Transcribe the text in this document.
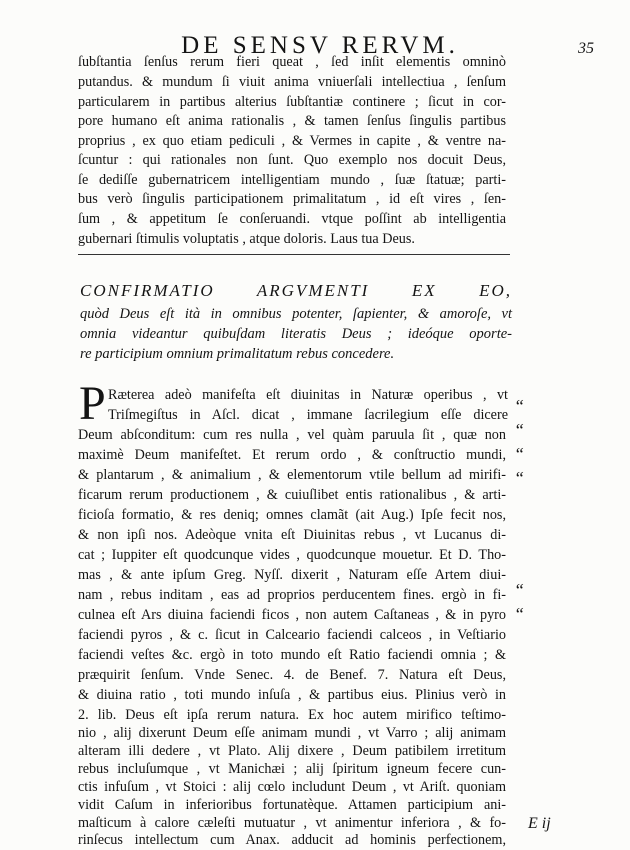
DE SENSV RERVM.	35
ſubſtantia ſenſus rerum fieri queat , ſed inſit elementis omninò
putandus. & mundum ſi viuit anima vniuerſali intellectiua , ſenſum
particularem in partibus alterius ſubſtantiæ continere ; ſicut in cor-
pore humano eſt anima rationalis , & tamen ſenſus ſingulis partibus
proprius , ex quo etiam pediculi , & Vermes in capite , & ventre na-
ſcuntur : qui rationales non ſunt. Quo exemplo nos docuit Deus,
ſe dediſſe gubernatricem intelligentiam mundo , ſuæ ſtatuæ; parti-
bus verò ſingulis participationem primalitatum , id eſt vires , ſen-
ſum , & appetitum ſe conſeruandi. vtque poſſint ab intelligentia
gubernari ſtimulis voluptatis , atque doloris. Laus tua Deus.
CONFIRMATIO ARGVMENTI EX EO,
quòd Deus eſt ità in omnibus potenter, ſapienter, & amoroſe, vt
omnia videantur quibuſdam literatis Deus ; ideóque oporte-
re participium omnium primalitatum rebus concedere.
P Ræterea adeò manifeſta eſt diuinitas in Naturæ operibus , vt
Triſmegiſtus in Aſcl. dicat , immane ſacrilegium eſſe dicere
Deum abſconditum: cum res nulla , vel quàm paruula ſit , quæ non
maximè Deum manifeſtet. Et rerum ordo , & conſtructio mundi,
& plantarum , & animalium , & elementorum vtile bellum ad mirifi-
ficarum rerum productionem , & cuiuſlibet entis rationalibus , & arti-
ficioſa formatio, & res deniq; omnes clamãt (ait Aug.) Ipſe fecit nos,
& non ipſi nos. Adeòque vnita eſt Diuinitas rebus , vt Lucanus di-
cat ; Iuppiter eſt quodcunque vides , quodcunque mouetur. Et D. Tho-
mas , & ante ipſum Greg. Nyſſ. dixerit , Naturam eſſe Artem diui-
nam , rebus inditam , eas ad proprios perducentem fines. ergò in fi-
culnea eſt Ars diuina faciendi ficos , non autem Caſtaneas , & in pyro
faciendi pyros , & c. ſicut in Calceario faciendi calceos , in Veſtiario
faciendi veſtes &c. ergò in toto mundo eſt Ratio faciendi omnia ; &
præquirit ſenſum. Vnde Senec. 4. de Benef. 7. Natura eſt Deus,
& diuina ratio , toti mundo inſuſa , & partibus eius. Plinius verò in
2. lib. Deus eſt ipſa rerum natura. Ex hoc autem mirifico teſtimo-
nio , alij dixerunt Deum eſſe animam mundi , vt Varro ; alij animam
alteram illi dedere , vt Plato. Alij dixere , Deum patibilem irretitum
rebus incluſumque , vt Manichæi ; alij ſpiritum igneum fecere cun-
ctis infuſum , vt Stoici : alij cœlo includunt Deum , vt Ariſt. quoniam
vidit Caſum in inferioribus fortunatèque. Attamen participium ani-
maſticum à calore cæleſti mutuatur , vt animentur inferiora , & fo-
rinſecus intellectum cum Anax. adducit ad hominis perfectionem,
“
“
“
“
“
“
E ij
